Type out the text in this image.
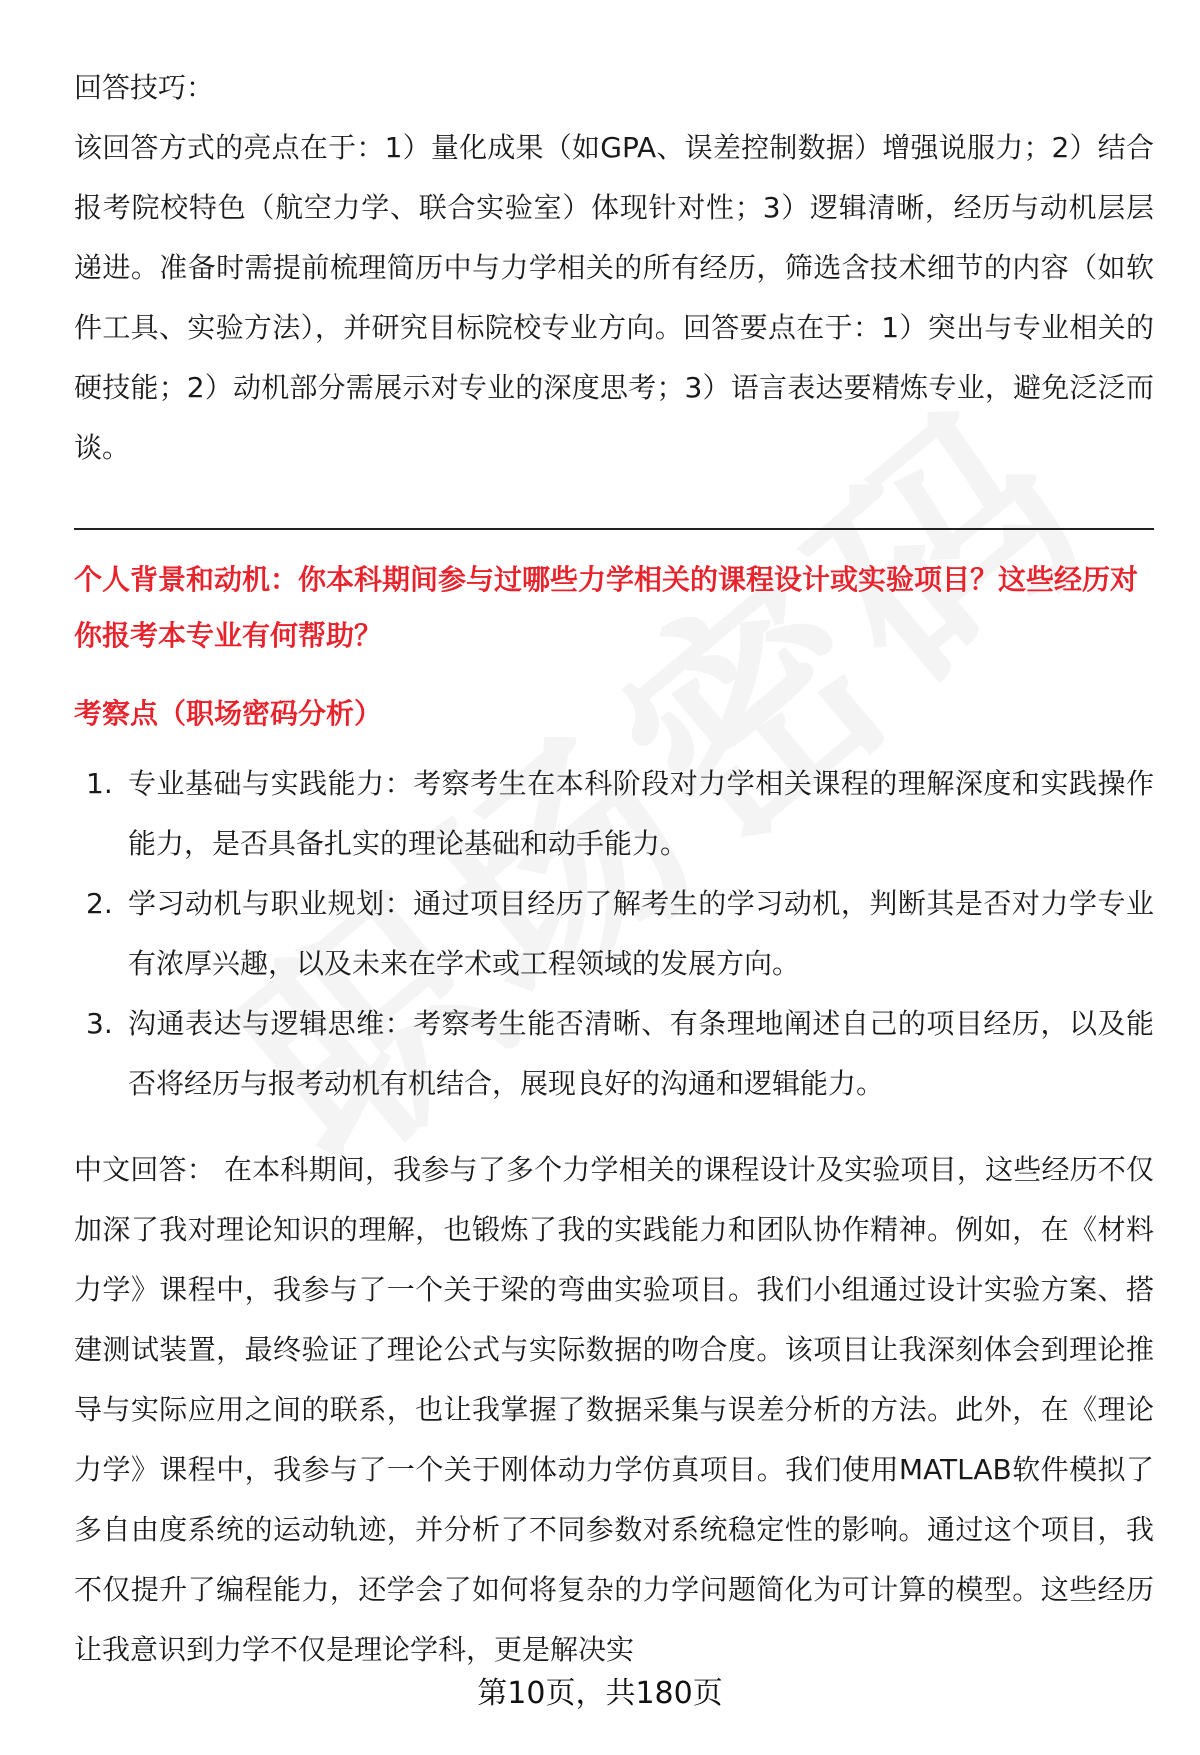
回答技巧：

该回答方式的亮点在于：1）量化成果（如GPA、误差控制数据）增强说服力；2）结合报考院校特色（航空力学、联合实验室）体现针对性；3）逻辑清晰，经历与动机层层递进。准备时需提前梳理简历中与力学相关的所有经历，筛选含技术细节的内容（如软件工具、实验方法），并研究目标院校专业方向。回答要点在于：1）突出与专业相关的硬技能；2）动机部分需展示对专业的深度思考；3）语言表达要精炼专业，避免泛泛而谈。

个人背景和动机：你本科期间参与过哪些力学相关的课程设计或实验项目？这些经历对你报考本专业有何帮助？

考察点（职场密码分析）

1. 专业基础与实践能力：考察考生在本科阶段对力学相关课程的理解深度和实践操作能力，是否具备扎实的理论基础和动手能力。
2. 学习动机与职业规划：通过项目经历了解考生的学习动机，判断其是否对力学专业有浓厚兴趣，以及未来在学术或工程领域的发展方向。
3. 沟通表达与逻辑思维：考察考生能否清晰、有条理地阐述自己的项目经历，以及能否将经历与报考动机有机结合，展现良好的沟通和逻辑能力。

中文回答： 在本科期间，我参与了多个力学相关的课程设计及实验项目，这些经历不仅加深了我对理论知识的理解，也锻炼了我的实践能力和团队协作精神。例如，在《材料力学》课程中，我参与了一个关于梁的弯曲实验项目。我们小组通过设计实验方案、搭建测试装置，最终验证了理论公式与实际数据的吻合度。该项目让我深刻体会到理论推导与实际应用之间的联系，也让我掌握了数据采集与误差分析的方法。此外，在《理论力学》课程中，我参与了一个关于刚体动力学仿真项目。我们使用MATLAB软件模拟了多自由度系统的运动轨迹，并分析了不同参数对系统稳定性的影响。通过这个项目，我不仅提升了编程能力，还学会了如何将复杂的力学问题简化为可计算的模型。这些经历让我意识到力学不仅是理论学科，更是解决实

第10页，共180页
